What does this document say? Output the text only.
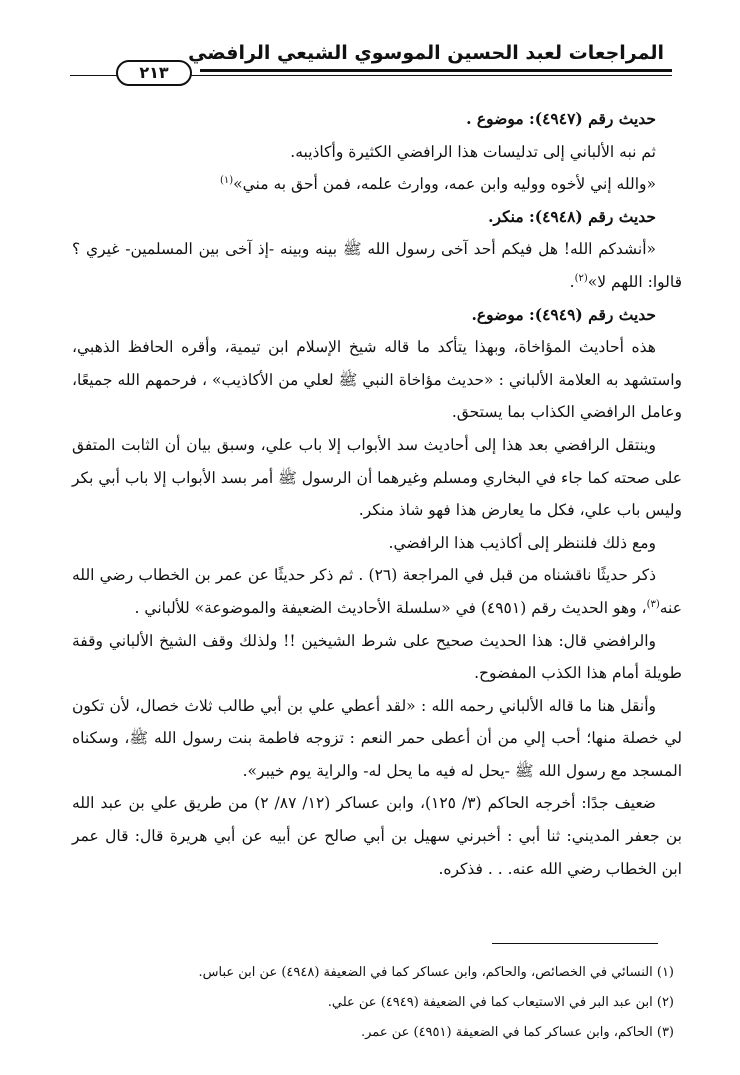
المراجعات لعبد الحسين الموسوي الشيعي الرافضي
٢١٣

حديث رقم (٤٩٤٧): موضوع .

ثم نبه الألباني إلى تدليسات هذا الرافضي الكثيرة وأكاذيبه.

«والله إني لأخوه ووليه وابن عمه، ووارث علمه، فمن أحق به مني»$^{(١)}$

حديث رقم (٤٩٤٨): منكر.

«أنشدكم الله! هل فيكم أحد آخى رسول الله ﷺ بينه وبينه -إذ آخى بين المسلمين- غيري ؟ قالوا: اللهم لا»$^{(٢)}$.

حديث رقم (٤٩٤٩): موضوع.

هذه أحاديث المؤاخاة، وبهذا يتأكد ما قاله شيخ الإسلام ابن تيمية، وأقره الحافظ الذهبي، واستشهد به العلامة الألباني : «حديث مؤاخاة النبي ﷺ لعلي من الأكاذيب» ، فرحمهم الله جميعًا، وعامل الرافضي الكذاب بما يستحق.

وينتقل الرافضي بعد هذا إلى أحاديث سد الأبواب إلا باب علي، وسبق بيان أن الثابت المتفق على صحته كما جاء في البخاري ومسلم وغيرهما أن الرسول ﷺ أمر بسد الأبواب إلا باب أبي بكر وليس باب علي، فكل ما يعارض هذا فهو شاذ منكر.

ومع ذلك فلننظر إلى أكاذيب هذا الرافضي.

ذكر حديثًا ناقشناه من قبل في المراجعة (٢٦) . ثم ذكر حديثًا عن عمر بن الخطاب رضي الله عنه$^{(٣)}$، وهو الحديث رقم (٤٩٥١) في «سلسلة الأحاديث الضعيفة والموضوعة» للألباني .

والرافضي قال: هذا الحديث صحيح على شرط الشيخين !! ولذلك وقف الشيخ الألباني وقفة طويلة أمام هذا الكذب المفضوح.

وأنقل هنا ما قاله الألباني رحمه الله : «لقد أعطي علي بن أبي طالب ثلاث خصال، لأن تكون لي خصلة منها؛ أحب إلي من أن أعطى حمر النعم : تزوجه فاطمة بنت رسول الله ﷺ، وسكناه المسجد مع رسول الله ﷺ -يحل له فيه ما يحل له- والراية يوم خيبر».

ضعيف جدًا: أخرجه الحاكم (٣/ ١٢٥)، وابن عساكر (١٢/ ٨٧/ ٢) من طريق علي بن عبد الله بن جعفر المديني: ثنا أبي : أخبرني سهيل بن أبي صالح عن أبيه عن أبي هريرة قال: قال عمر ابن الخطاب رضي الله عنه. . . فذكره.

(١) النسائي في الخصائص، والحاكم، وابن عساكر كما في الضعيفة (٤٩٤٨) عن ابن عباس.

(٢) ابن عبد البر في الاستيعاب كما في الضعيفة (٤٩٤٩) عن علي.

(٣) الحاكم، وابن عساكر كما في الضعيفة (٤٩٥١) عن عمر.
